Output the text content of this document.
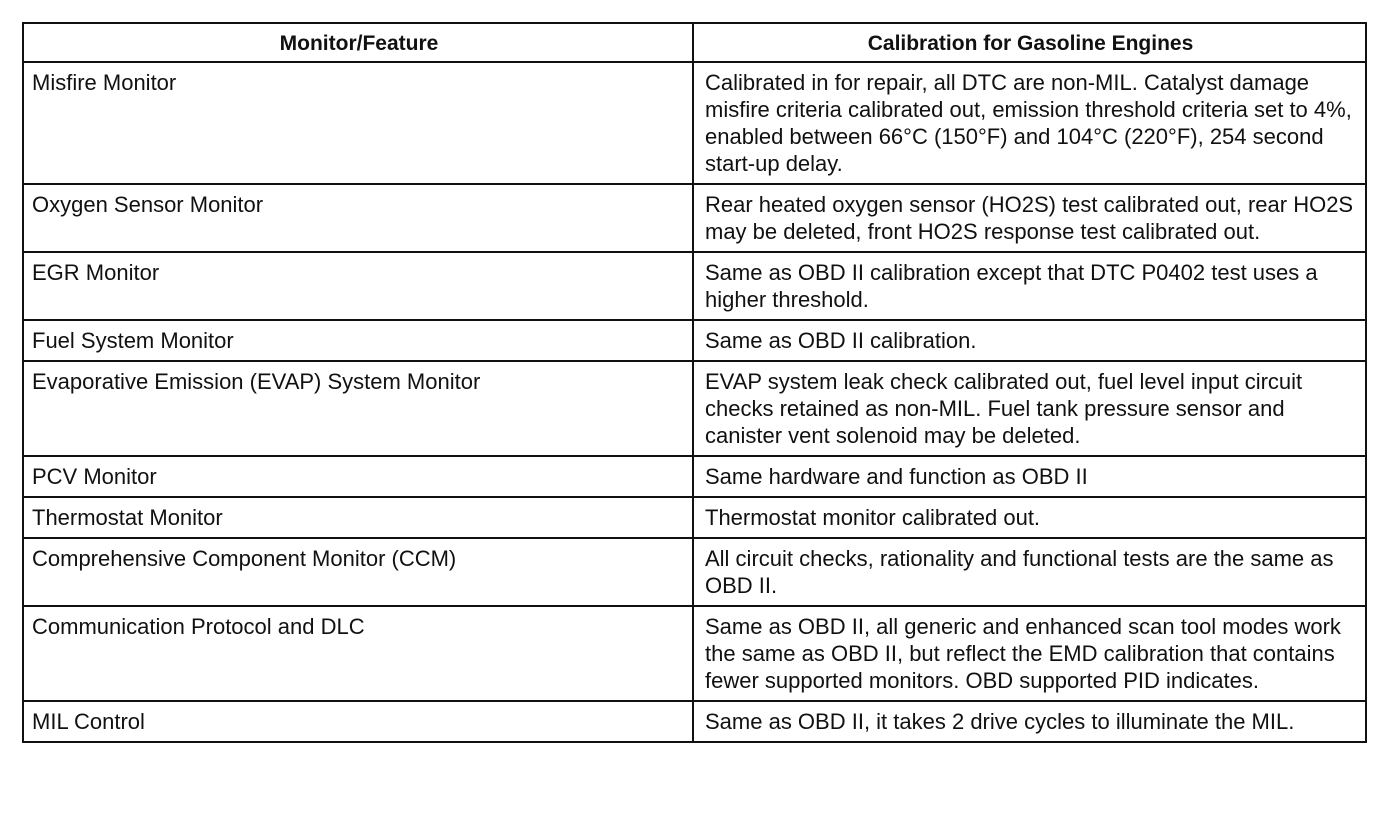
Monitor/Feature	Calibration for Gasoline Engines
Misfire Monitor	Calibrated in for repair, all DTC are non-MIL. Catalyst damage misfire criteria calibrated out, emission threshold criteria set to 4%, enabled between 66°C (150°F) and 104°C (220°F), 254 second start-up delay.
Oxygen Sensor Monitor	Rear heated oxygen sensor (HO2S) test calibrated out, rear HO2S may be deleted, front HO2S response test calibrated out.
EGR Monitor	Same as OBD II calibration except that DTC P0402 test uses a higher threshold.
Fuel System Monitor	Same as OBD II calibration.
Evaporative Emission (EVAP) System Monitor	EVAP system leak check calibrated out, fuel level input circuit checks retained as non-MIL. Fuel tank pressure sensor and canister vent solenoid may be deleted.
PCV Monitor	Same hardware and function as OBD II
Thermostat Monitor	Thermostat monitor calibrated out.
Comprehensive Component Monitor (CCM)	All circuit checks, rationality and functional tests are the same as OBD II.
Communication Protocol and DLC	Same as OBD II, all generic and enhanced scan tool modes work the same as OBD II, but reflect the EMD calibration that contains fewer supported monitors. OBD supported PID indicates.
MIL Control	Same as OBD II, it takes 2 drive cycles to illuminate the MIL.
